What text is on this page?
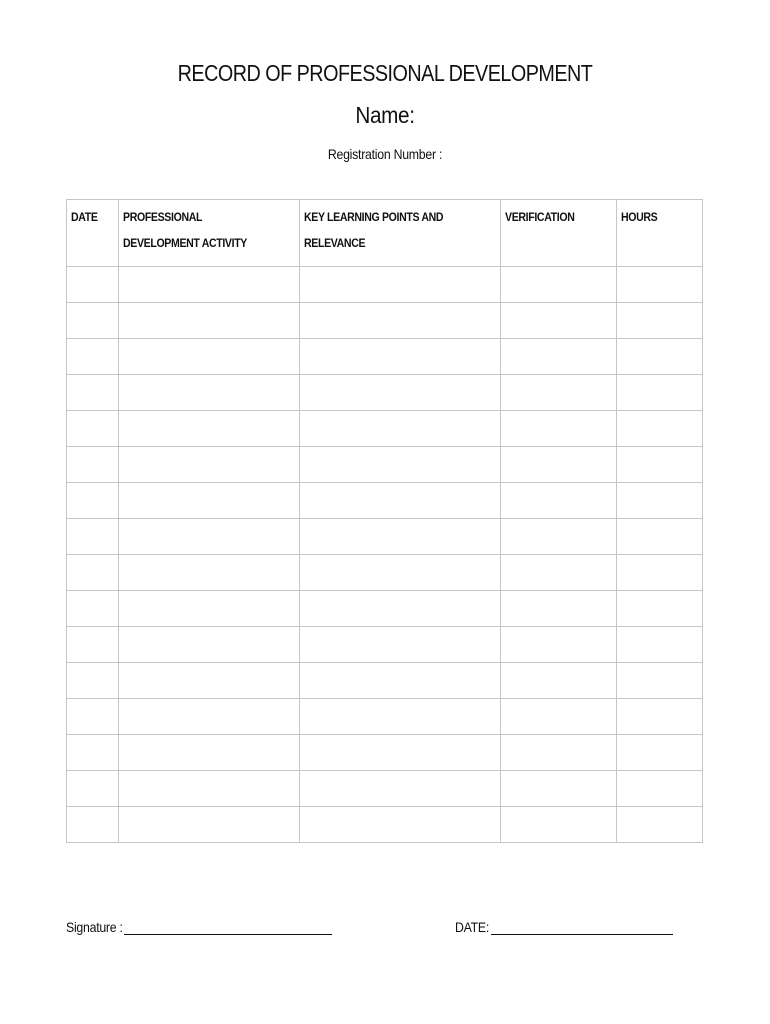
RECORD OF PROFESSIONAL DEVELOPMENT
Name:
Registration Number :
DATE	PROFESSIONAL DEVELOPMENT ACTIVITY	KEY LEARNING POINTS AND RELEVANCE	VERIFICATION	HOURS

Signature :	DATE:
